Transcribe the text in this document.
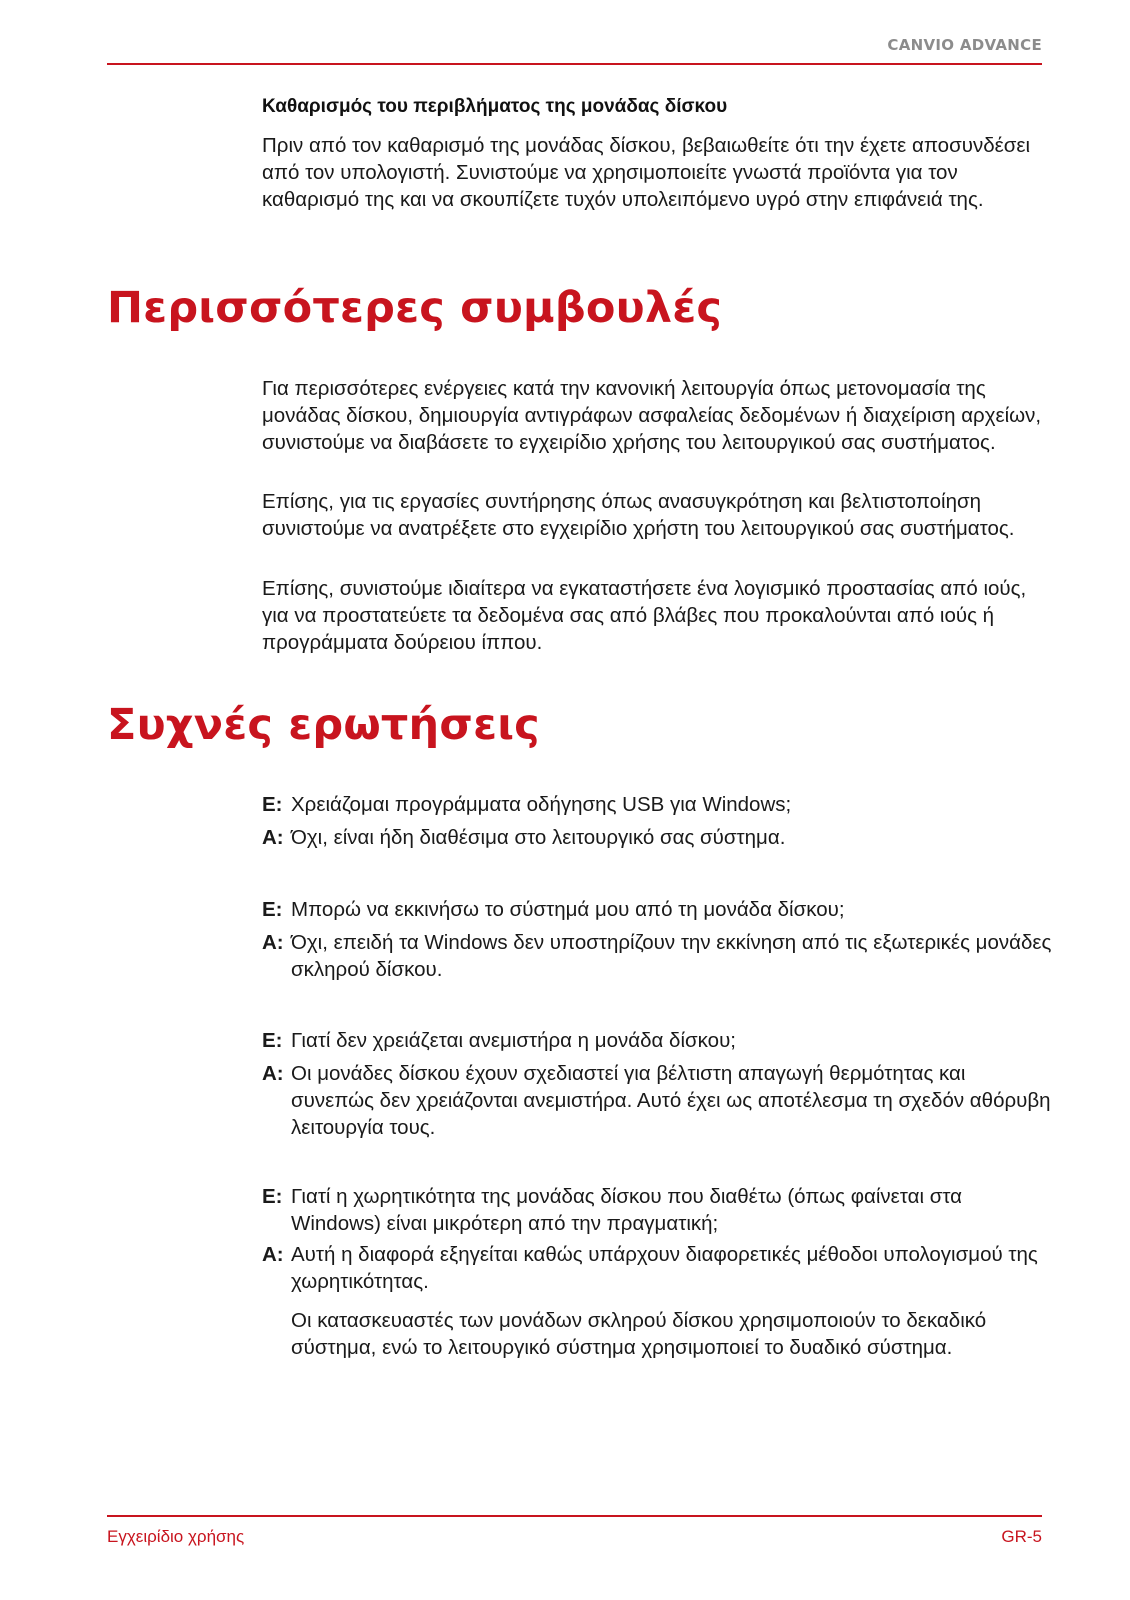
CANVIO ADVANCE
Καθαρισμός του περιβλήματος της μονάδας δίσκου

Πριν από τον καθαρισμό της μονάδας δίσκου, βεβαιωθείτε ότι την έχετε αποσυνδέσει από τον υπολογιστή. Συνιστούμε να χρησιμοποιείτε γνωστά προϊόντα για τον καθαρισμό της και να σκουπίζετε τυχόν υπολειπόμενο υγρό στην επιφάνειά της.

Περισσότερες συμβουλές

Για περισσότερες ενέργειες κατά την κανονική λειτουργία όπως μετονομασία της μονάδας δίσκου, δημιουργία αντιγράφων ασφαλείας δεδομένων ή διαχείριση αρχείων, συνιστούμε να διαβάσετε το εγχειρίδιο χρήσης του λειτουργικού σας συστήματος.

Επίσης, για τις εργασίες συντήρησης όπως ανασυγκρότηση και βελτιστοποίηση συνιστούμε να ανατρέξετε στο εγχειρίδιο χρήστη του λειτουργικού σας συστήματος.

Επίσης, συνιστούμε ιδιαίτερα να εγκαταστήσετε ένα λογισμικό προστασίας από ιούς, για να προστατεύετε τα δεδομένα σας από βλάβες που προκαλούνται από ιούς ή προγράμματα δούρειου ίππου.

Συχνές ερωτήσεις
E: Χρειάζομαι προγράμματα οδήγησης USB για Windows;
A: Όχι, είναι ήδη διαθέσιμα στο λειτουργικό σας σύστημα.
E: Μπορώ να εκκινήσω το σύστημά μου από τη μονάδα δίσκου;
A: Όχι, επειδή τα Windows δεν υποστηρίζουν την εκκίνηση από τις εξωτερικές μονάδες σκληρού δίσκου.
E: Γιατί δεν χρειάζεται ανεμιστήρα η μονάδα δίσκου;
A: Οι μονάδες δίσκου έχουν σχεδιαστεί για βέλτιστη απαγωγή θερμότητας και συνεπώς δεν χρειάζονται ανεμιστήρα. Αυτό έχει ως αποτέλεσμα τη σχεδόν αθόρυβη λειτουργία τους.
E: Γιατί η χωρητικότητα της μονάδας δίσκου που διαθέτω (όπως φαίνεται στα Windows) είναι μικρότερη από την πραγματική;
A: Αυτή η διαφορά εξηγείται καθώς υπάρχουν διαφορετικές μέθοδοι υπολογισμού της χωρητικότητας.

Οι κατασκευαστές των μονάδων σκληρού δίσκου χρησιμοποιούν το δεκαδικό σύστημα, ενώ το λειτουργικό σύστημα χρησιμοποιεί το δυαδικό σύστημα.

Εγχειρίδιο χρήσης	GR-5
